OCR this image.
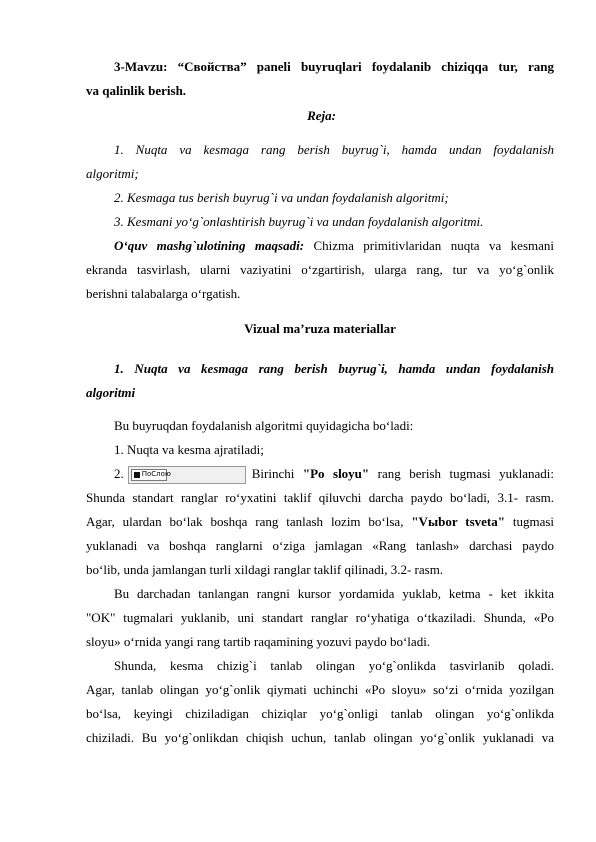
3-Mavzu: “Свойства” paneli buyruqlari foydalanib chiziqqa tur, rang
va qalinlik berish.
Reja:
1. Nuqta va kesmaga rang berish buyrug`i, hamda undan foydalanish
algoritmi;
2. Kesmaga tus berish buyrug`i va undan foydalanish algoritmi;
3. Kesmani yo‘g`onlashtirish buyrug`i va undan foydalanish algoritmi.
O‘quv mashg`ulotining maqsadi: Chizma primitivlaridan nuqta va kesmani
ekranda tasvirlash, ularni vaziyatini o‘zgartirish, ularga rang, tur va yo‘g`onlik
berishni talabalarga o‘rgatish.
Vizual ma’ruza materiallar
1. Nuqta va kesmaga rang berish buyrug`i, hamda undan foydalanish
algoritmi
Bu buyruqdan foydalanish algoritmi quyidagicha bo‘ladi:
1. Nuqta va kesma ajratiladi;
2.	ПоСлою	Birinchi "Po sloyu" rang berish tugmasi yuklanadi:
Shunda standart ranglar ro‘yxatini taklif qiluvchi darcha paydo bo‘ladi, 3.1- rasm.
Agar, ulardan bo‘lak boshqa rang tanlash lozim bo‘lsa, "Vыbor tsveta" tugmasi
yuklanadi va boshqa ranglarni o‘ziga jamlagan «Rang tanlash» darchasi paydo
bo‘lib, unda jamlangan turli xildagi ranglar taklif qilinadi, 3.2- rasm.
Bu darchadan tanlangan rangni kursor yordamida yuklab, ketma - ket ikkita
"OK" tugmalari yuklanib, uni standart ranglar ro‘yhatiga o‘tkaziladi. Shunda, «Po
sloyu» o‘rnida yangi rang tartib raqamining yozuvi paydo bo‘ladi.
Shunda, kesma chizig`i tanlab olingan yo‘g`onlikda tasvirlanib qoladi.
Agar, tanlab olingan yo‘g`onlik qiymati uchinchi «Po sloyu» so‘zi o‘rnida yozilgan
bo‘lsa, keyingi chiziladigan chiziqlar yo‘g`onligi tanlab olingan yo‘g`onlikda
chiziladi. Bu yo‘g`onlikdan chiqish uchun, tanlab olingan yo‘g`onlik yuklanadi va
